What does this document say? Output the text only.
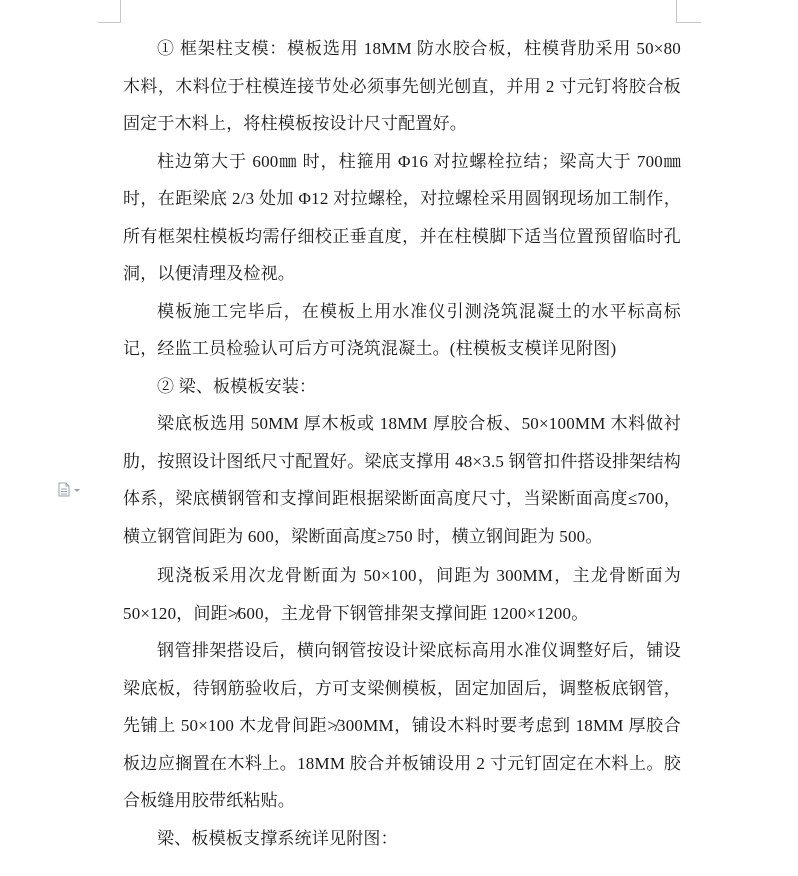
① 框架柱支模：模板选用 18MM 防水胶合板，柱模背肋采用 50×80 木料，木料位于柱模连接节处必须事先刨光刨直，并用 2 寸元钉将胶合板固定于木料上，将柱模板按设计尺寸配置好。

柱边第大于 600㎜ 时，柱箍用 Φ16 对拉螺栓拉结；梁高大于 700㎜ 时，在距梁底 2/3 处加 Φ12 对拉螺栓，对拉螺栓采用圆钢现场加工制作，所有框架柱模板均需仔细校正垂直度，并在柱模脚下适当位置预留临时孔洞，以便清理及检视。

模板施工完毕后，在模板上用水准仪引测浇筑混凝土的水平标高标记，经监工员检验认可后方可浇筑混凝土。(柱模板支模详见附图)

② 梁、板模板安装：

梁底板选用 50MM 厚木板或 18MM 厚胶合板、50×100MM 木料做衬肋，按照设计图纸尺寸配置好。梁底支撑用 48×3.5 钢管扣件搭设排架结构体系，梁底横钢管和支撑间距根据梁断面高度尺寸，当梁断面高度≤700，横立钢管间距为 600，梁断面高度≥750 时，横立钢间距为 500。

现浇板采用次龙骨断面为 50×100，间距为 300MM，主龙骨断面为 50×120，间距≯600，主龙骨下钢管排架支撑间距 1200×1200。

钢管排架搭设后，横向钢管按设计梁底标高用水准仪调整好后，铺设梁底板，待钢筋验收后，方可支梁侧模板，固定加固后，调整板底钢管，先铺上 50×100 木龙骨间距≯300MM，铺设木料时要考虑到 18MM 厚胶合板边应搁置在木料上。18MM 胶合并板铺设用 2 寸元钉固定在木料上。胶合板缝用胶带纸粘贴。

梁、板模板支撑系统详见附图：
